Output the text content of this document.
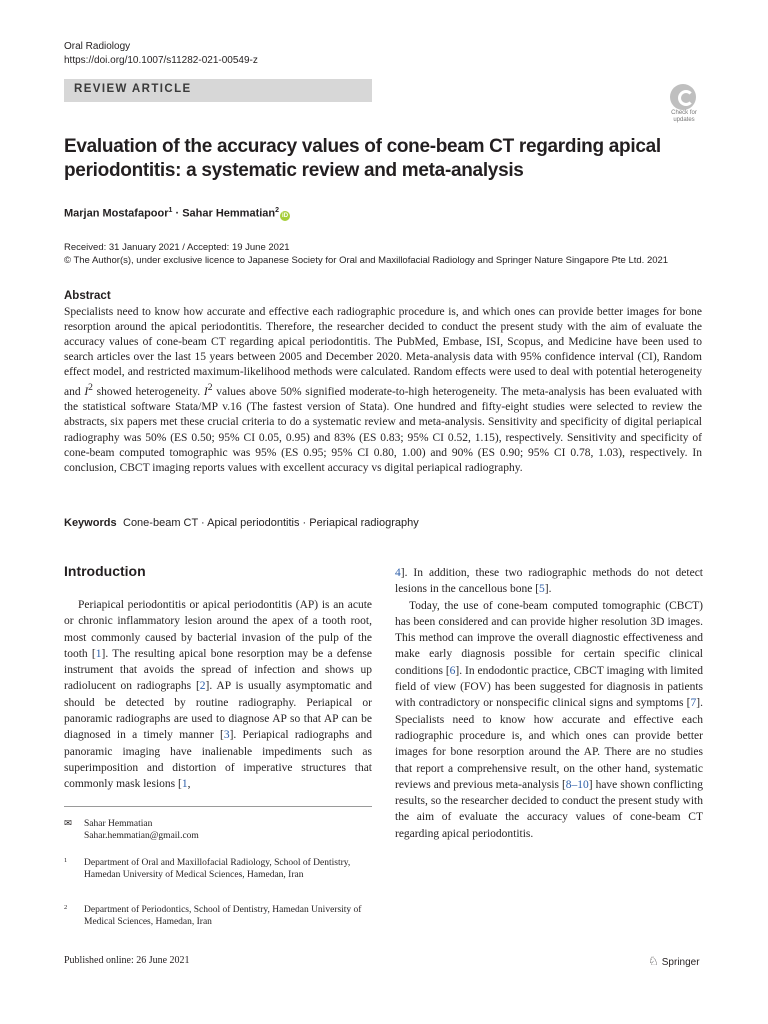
Oral Radiology
https://doi.org/10.1007/s11282-021-00549-z
REVIEW ARTICLE
Check for updates
Evaluation of the accuracy values of cone-beam CT regarding apical periodontitis: a systematic review and meta-analysis
Marjan Mostafapoor$^1$ · Sahar Hemmatian$^2$iD
Received: 31 January 2021 / Accepted: 19 June 2021
© The Author(s), under exclusive licence to Japanese Society for Oral and Maxillofacial Radiology and Springer Nature Singapore Pte Ltd. 2021
Abstract
Specialists need to know how accurate and effective each radiographic procedure is, and which ones can provide better images for bone resorption around the apical periodontitis. Therefore, the researcher decided to conduct the present study with the aim of evaluate the accuracy values of cone-beam CT regarding apical periodontitis. The PubMed, Embase, ISI, Scopus, and Medicine have been used to search articles over the last 15 years between 2005 and December 2020. Meta-analysis data with 95% confidence interval (CI), Random effect model, and restricted maximum-likelihood methods were calculated. Random effects were used to deal with potential heterogeneity and $I^2$ showed heterogeneity. $I^2$ values above 50% signified moderate-to-high heterogeneity. The meta-analysis has been evaluated with the statistical software Stata/MP v.16 (The fastest version of Stata). One hundred and fifty-eight studies were selected to review the abstracts, six papers met these crucial criteria to do a systematic review and meta-analysis. Sensitivity and specificity of digital periapical radiography was 50% (ES 0.50; 95% CI 0.05, 0.95) and 83% (ES 0.83; 95% CI 0.52, 1.15), respectively. Sensitivity and specificity of cone-beam computed tomographic was 95% (ES 0.95; 95% CI 0.80, 1.00) and 90% (ES 0.90; 95% CI 0.78, 1.03), respectively. In conclusion, CBCT imaging reports values with excellent accuracy vs digital periapical radiography.
Keywords Cone-beam CT · Apical periodontitis · Periapical radiography
Introduction

Periapical periodontitis or apical periodontitis (AP) is an acute or chronic inflammatory lesion around the apex of a tooth root, most commonly caused by bacterial invasion of the pulp of the tooth [1]. The resulting apical bone resorption may be a defense instrument that avoids the spread of infection and shows up radiolucent on radiographs [2]. AP is usually asymptomatic and should be detected by routine radiography. Periapical or panoramic radiographs are used to diagnose AP so that AP can be diagnosed in a timely manner [3]. Periapical radiographs and panoramic imaging have inalienable impediments such as superimposition and distortion of imperative structures that commonly mask lesions [1,

4]. In addition, these two radiographic methods do not detect lesions in the cancellous bone [5].

Today, the use of cone-beam computed tomographic (CBCT) has been considered and can provide higher resolution 3D images. This method can improve the overall diagnostic effectiveness and make early diagnosis possible for certain specific clinical conditions [6]. In endodontic practice, CBCT imaging with limited field of view (FOV) has been suggested for diagnosis in patients with contradictory or nonspecific clinical signs and symptoms [7]. Specialists need to know how accurate and effective each radiographic procedure is, and which ones can provide better images for bone resorption around the AP. There are no studies that report a comprehensive result, on the other hand, systematic reviews and previous meta-analysis [8–10] have shown conflicting results, so the researcher decided to conduct the present study with the aim of evaluate the accuracy values of cone-beam CT regarding apical periodontitis.

✉ Sahar Hemmatian
Sahar.hemmatian@gmail.com
1 Department of Oral and Maxillofacial Radiology, School of Dentistry, Hamedan University of Medical Sciences, Hamedan, Iran
2 Department of Periodontics, School of Dentistry, Hamedan University of Medical Sciences, Hamedan, Iran
Published online: 26 June 2021	♘ Springer
